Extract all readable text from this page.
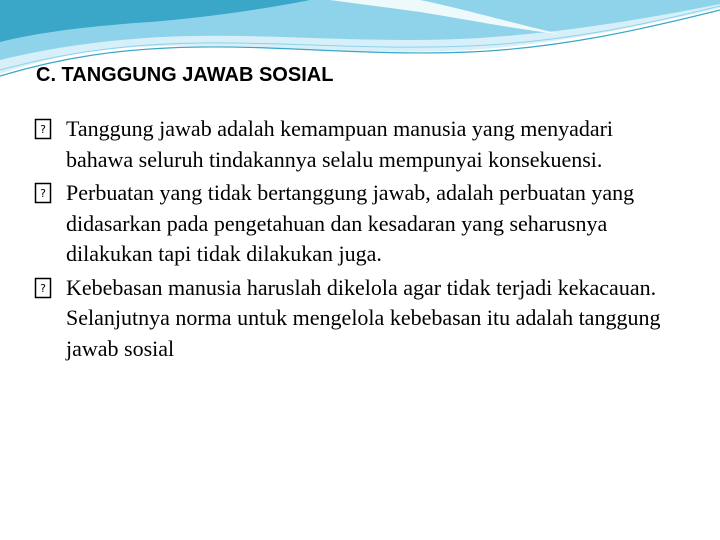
C. TANGGUNG JAWAB SOSIAL
? Tanggung jawab adalah kemampuan manusia yang menyadari bahawa seluruh tindakannya selalu mempunyai konsekuensi.
? Perbuatan yang tidak bertanggung jawab, adalah perbuatan yang didasarkan pada pengetahuan dan kesadaran yang seharusnya dilakukan tapi tidak dilakukan juga.
? Kebebasan manusia haruslah dikelola agar tidak terjadi kekacauan. Selanjutnya norma untuk mengelola kebebasan itu adalah tanggung jawab sosial
